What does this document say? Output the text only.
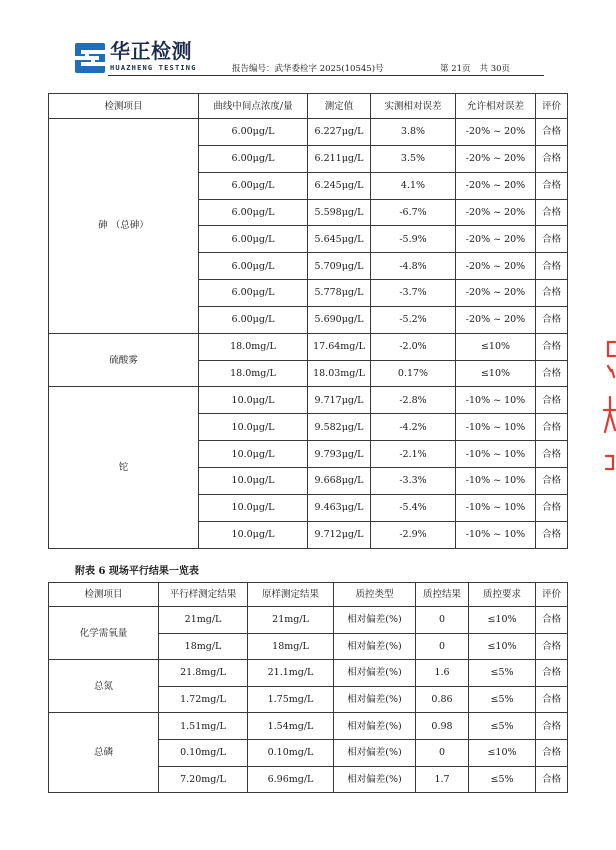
华正检测
HUAZHENG TESTING	报告编号：武华委检字 2025(10545)号	第 21页 共 30页
检测项目	曲线中间点浓度/量	测定值	实测相对误差	允许相对误差	评价
砷 （总砷）	6.00μg/L	6.227μg/L	3.8%	-20% ~ 20%	合格
	6.00μg/L	6.211μg/L	3.5%	-20% ~ 20%	合格
	6.00μg/L	6.245μg/L	4.1%	-20% ~ 20%	合格
	6.00μg/L	5.598μg/L	-6.7%	-20% ~ 20%	合格
	6.00μg/L	5.645μg/L	-5.9%	-20% ~ 20%	合格
	6.00μg/L	5.709μg/L	-4.8%	-20% ~ 20%	合格
	6.00μg/L	5.778μg/L	-3.7%	-20% ~ 20%	合格
	6.00μg/L	5.690μg/L	-5.2%	-20% ~ 20%	合格
硫酸雾	18.0mg/L	17.64mg/L	-2.0%	≤10%	合格
	18.0mg/L	18.03mg/L	0.17%	≤10%	合格
铊	10.0μg/L	9.717μg/L	-2.8%	-10% ~ 10%	合格
	10.0μg/L	9.582μg/L	-4.2%	-10% ~ 10%	合格
	10.0μg/L	9.793μg/L	-2.1%	-10% ~ 10%	合格
	10.0μg/L	9.668μg/L	-3.3%	-10% ~ 10%	合格
	10.0μg/L	9.463μg/L	-5.4%	-10% ~ 10%	合格
	10.0μg/L	9.712μg/L	-2.9%	-10% ~ 10%	合格
附表 6 现场平行结果一览表
检测项目	平行样测定结果	原样测定结果	质控类型	质控结果	质控要求	评价
化学需氧量	21mg/L	21mg/L	相对偏差(%)	0	≤10%	合格
	18mg/L	18mg/L	相对偏差(%)	0	≤10%	合格
总氮	21.8mg/L	21.1mg/L	相对偏差(%)	1.6	≤5%	合格
	1.72mg/L	1.75mg/L	相对偏差(%)	0.86	≤5%	合格
总磷	1.51mg/L	1.54mg/L	相对偏差(%)	0.98	≤5%	合格
	0.10mg/L	0.10mg/L	相对偏差(%)	0	≤10%	合格
	7.20mg/L	6.96mg/L	相对偏差(%)	1.7	≤5%	合格
